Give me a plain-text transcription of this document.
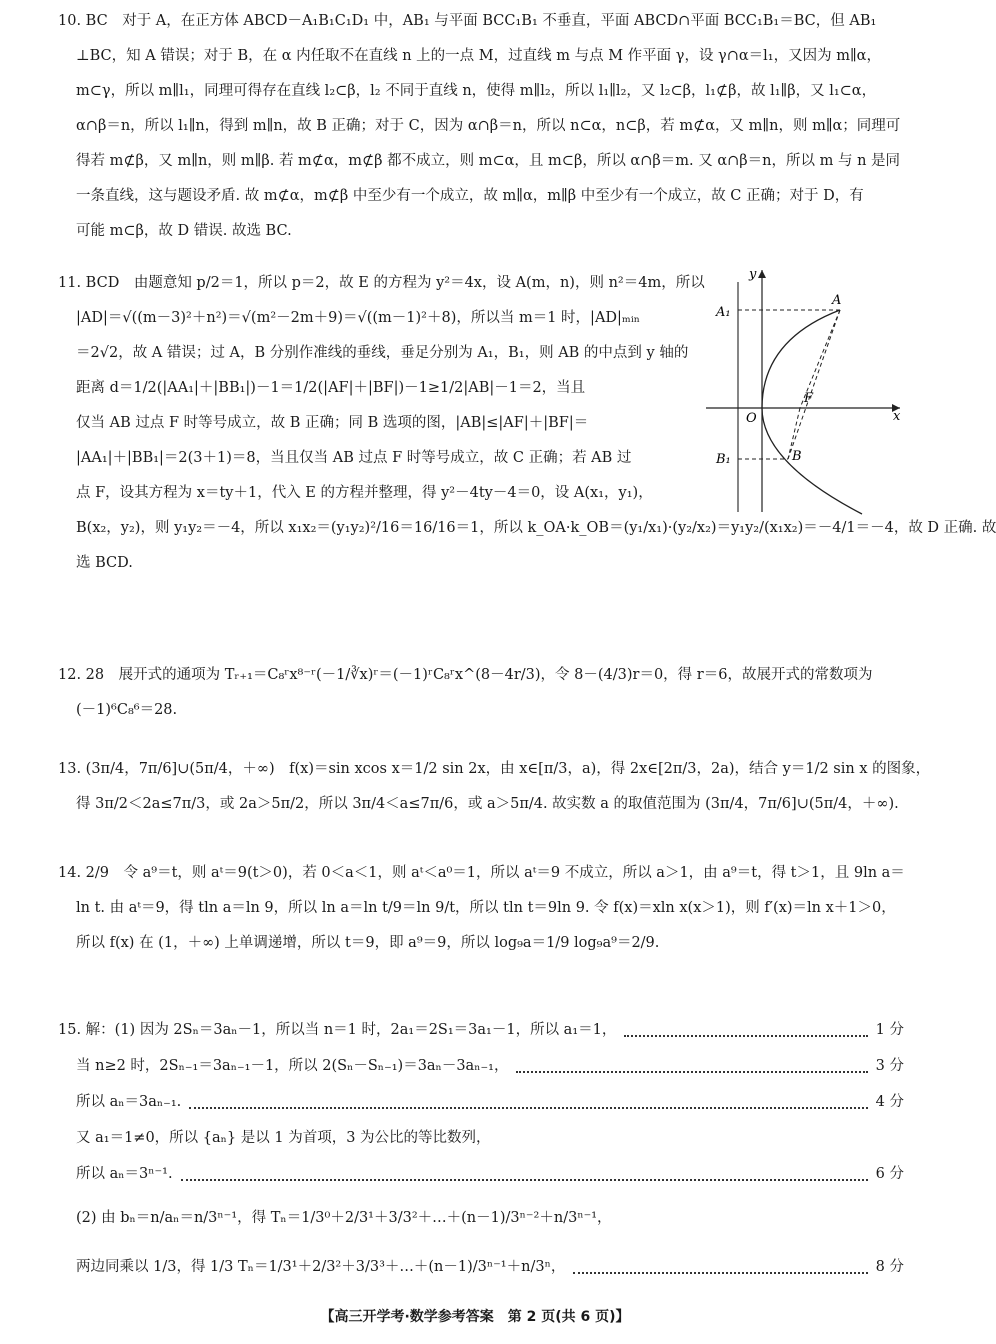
10. BC　对于 A，在正方体 ABCD－A₁B₁C₁D₁ 中，AB₁ 与平面 BCC₁B₁ 不垂直，平面 ABCD∩平面 BCC₁B₁＝BC，但 AB₁
⊥BC，知 A 错误；对于 B，在 α 内任取不在直线 n 上的一点 M，过直线 m 与点 M 作平面 γ，设 γ∩α＝l₁，又因为 m∥α，
m⊂γ，所以 m∥l₁，同理可得存在直线 l₂⊂β，l₂ 不同于直线 n，使得 m∥l₂，所以 l₁∥l₂，又 l₂⊂β，l₁⊄β，故 l₁∥β，又 l₁⊂α，
α∩β＝n，所以 l₁∥n，得到 m∥n，故 B 正确；对于 C，因为 α∩β＝n，所以 n⊂α，n⊂β，若 m⊄α，又 m∥n，则 m∥α；同理可
得若 m⊄β，又 m∥n，则 m∥β. 若 m⊄α，m⊄β 都不成立，则 m⊂α，且 m⊂β，所以 α∩β＝m. 又 α∩β＝n，所以 m 与 n 是同
一条直线，这与题设矛盾. 故 m⊄α，m⊄β 中至少有一个成立，故 m∥α，m∥β 中至少有一个成立，故 C 正确；对于 D，有
可能 m⊂β，故 D 错误. 故选 BC.
11. BCD　由题意知 p/2＝1，所以 p＝2，故 E 的方程为 y²＝4x，设 A(m，n)，则 n²＝4m，所以
|AD|＝√((m－3)²＋n²)＝√(m²－2m＋9)＝√((m－1)²＋8)，所以当 m＝1 时，|AD|ₘᵢₙ
＝2√2，故 A 错误；过 A，B 分别作准线的垂线，垂足分别为 A₁，B₁，则 AB 的中点到 y 轴的
距离 d＝1/2(|AA₁|＋|BB₁|)－1＝1/2(|AF|＋|BF|)－1≥1/2|AB|－1＝2，当且
仅当 AB 过点 F 时等号成立，故 B 正确；同 B 选项的图，|AB|≤|AF|＋|BF|＝
|AA₁|＋|BB₁|＝2(3＋1)＝8，当且仅当 AB 过点 F 时等号成立，故 C 正确；若 AB 过
点 F，设其方程为 x＝ty＋1，代入 E 的方程并整理，得 y²－4ty－4＝0，设 A(x₁，y₁)，
B(x₂，y₂)，则 y₁y₂＝－4，所以 x₁x₂＝(y₁y₂)²/16＝16/16＝1，所以 k_OA·k_OB＝(y₁/x₁)·(y₂/x₂)＝y₁y₂/(x₁x₂)＝－4/1＝－4，故 D 正确. 故
选 BCD.
y
x
O
A
A₁
B
B₁
F
12. 28　展开式的通项为 Tᵣ₊₁＝C₈ʳx⁸⁻ʳ(－1/∛x)ʳ＝(－1)ʳC₈ʳx^(8－4r/3)，令 8－(4/3)r＝0，得 r＝6，故展开式的常数项为
(－1)⁶C₈⁶＝28.
13. (3π/4，7π/6]∪(5π/4，＋∞)　f(x)＝sin xcos x＝1/2 sin 2x，由 x∈[π/3，a)，得 2x∈[2π/3，2a)，结合 y＝1/2 sin x 的图象，
得 3π/2＜2a≤7π/3，或 2a＞5π/2，所以 3π/4＜a≤7π/6，或 a＞5π/4. 故实数 a 的取值范围为 (3π/4，7π/6]∪(5π/4，＋∞).
14. 2/9　令 a⁹＝t，则 aᵗ＝9(t＞0)，若 0＜a＜1，则 aᵗ＜a⁰＝1，所以 aᵗ＝9 不成立，所以 a＞1，由 a⁹＝t，得 t＞1，且 9ln a＝
ln t. 由 aᵗ＝9，得 tln a＝ln 9，所以 ln a＝ln t/9＝ln 9/t，所以 tln t＝9ln 9. 令 f(x)＝xln x(x＞1)，则 f′(x)＝ln x＋1＞0，
所以 f(x) 在 (1，＋∞) 上单调递增，所以 t＝9，即 a⁹＝9，所以 log₉a＝1/9 log₉a⁹＝2/9.
15. 解：(1) 因为 2Sₙ＝3aₙ－1，所以当 n＝1 时，2a₁＝2S₁＝3a₁－1，所以 a₁＝1，	1 分
当 n≥2 时，2Sₙ₋₁＝3aₙ₋₁－1，所以 2(Sₙ－Sₙ₋₁)＝3aₙ－3aₙ₋₁，	3 分
所以 aₙ＝3aₙ₋₁.	4 分
又 a₁＝1≠0，所以 {aₙ} 是以 1 为首项，3 为公比的等比数列，
所以 aₙ＝3ⁿ⁻¹.	6 分
(2) 由 bₙ＝n/aₙ＝n/3ⁿ⁻¹，得 Tₙ＝1/3⁰＋2/3¹＋3/3²＋…＋(n－1)/3ⁿ⁻²＋n/3ⁿ⁻¹，
两边同乘以 1/3，得 1/3 Tₙ＝1/3¹＋2/3²＋3/3³＋…＋(n－1)/3ⁿ⁻¹＋n/3ⁿ，	8 分
【高三开学考·数学参考答案　第 2 页(共 6 页)】
